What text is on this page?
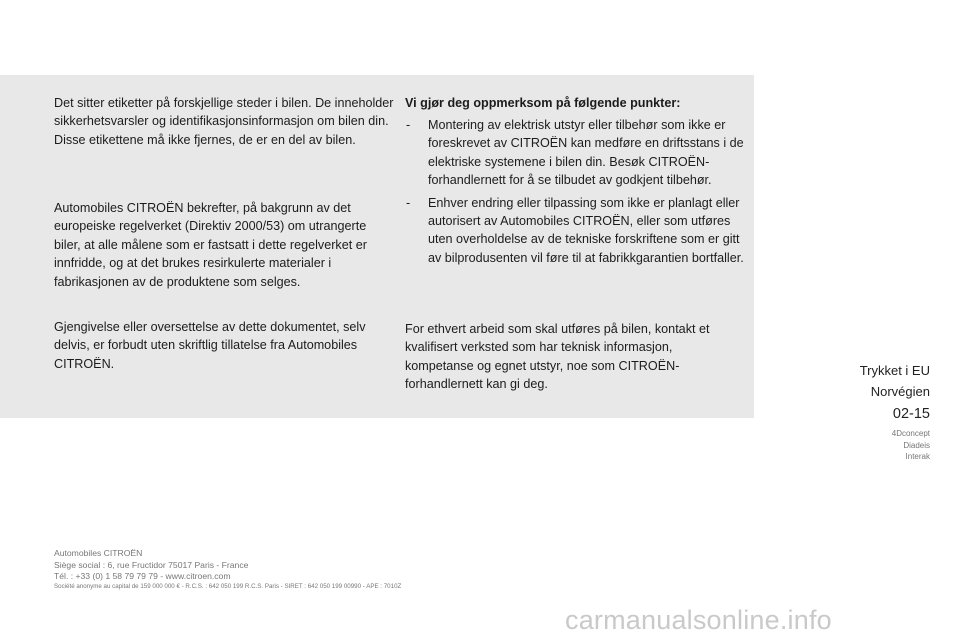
Det sitter etiketter på forskjellige steder i bilen. De inneholder sikkerhetsvarsler og identifikasjonsinformasjon om bilen din. Disse etikettene må ikke fjernes, de er en del av bilen.

Automobiles CITROËN bekrefter, på bakgrunn av det europeiske regelverket (Direktiv 2000/53) om utrangerte biler, at alle målene som er fastsatt i dette regelverket er innfridde, og at det brukes resirkulerte materialer i fabrikasjonen av de produktene som selges.

Gjengivelse eller oversettelse av dette dokumentet, selv delvis, er forbudt uten skriftlig tillatelse fra Automobiles CITROËN.

Vi gjør deg oppmerksom på følgende punkter:

- Montering av elektrisk utstyr eller tilbehør som ikke er foreskrevet av CITROËN kan medføre en driftsstans i de elektriske systemene i bilen din. Besøk CITROËN-forhandlernett for å se tilbudet av godkjent tilbehør.
- Enhver endring eller tilpassing som ikke er planlagt eller autorisert av Automobiles CITROËN, eller som utføres uten overholdelse av de tekniske forskriftene som er gitt av bilprodusenten vil føre til at fabrikkgarantien bortfaller.

For ethvert arbeid som skal utføres på bilen, kontakt et kvalifisert verksted som har teknisk informasjon, kompetanse og egnet utstyr, noe som CITROËN-forhandlernett kan gi deg.

Trykket i EU
Norvégien
02-15
4Dconcept
Diadeis
Interak
Automobiles CITROËN
Siège social : 6, rue Fructidor 75017 Paris - France
Tél. : +33 (0) 1 58 79 79 79 - www.citroen.com
Société anonyme au capital de 159 000 000 € - R.C.S. : 642 050 199 R.C.S. Paris - SIRET : 642 050 199 00990 - APE : 7010Z
carmanualsonline.info
